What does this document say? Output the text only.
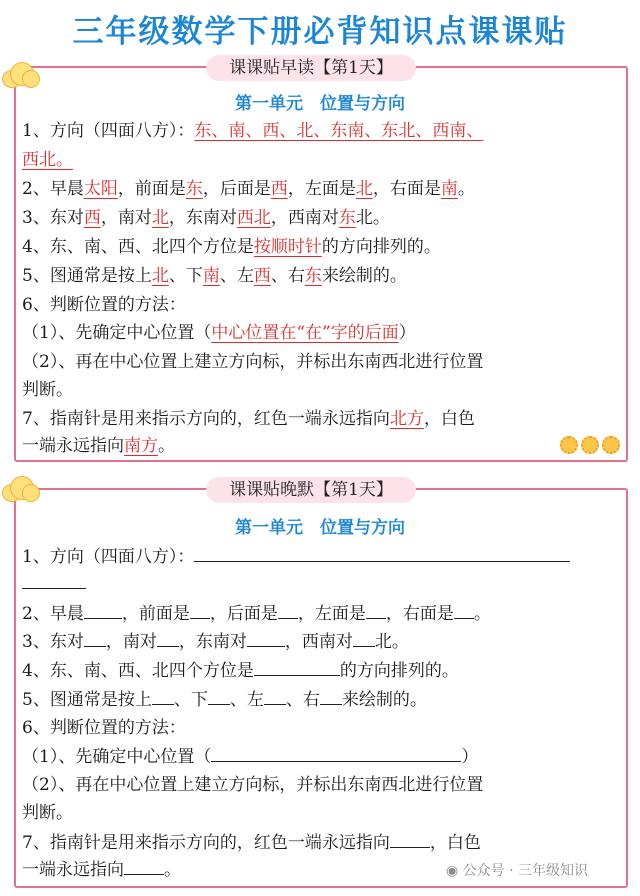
三年级数学下册必背知识点课课贴
课课贴早读【第1天】
第一单元　位置与方向
1、方向（四面八方）：东、南、西、北、东南、东北、西南、
西北。
2、早晨太阳，前面是东，后面是西，左面是北，右面是南。
3、东对西，南对北，东南对西北，西南对东北。
4、东、南、西、北四个方位是按顺时针的方向排列的。
5、图通常是按上北、下南、左西、右东来绘制的。
6、判断位置的方法：
（1）、先确定中心位置（中心位置在“在”字的后面）
（2）、再在中心位置上建立方向标，并标出东南西北进行位置
判断。
7、指南针是用来指示方向的，红色一端永远指向北方，白色
一端永远指向南方。
课课贴晚默【第1天】
第一单元　位置与方向
1、方向（四面八方）：
2、早晨 ，前面是 ，后面是 ，左面是 ，右面是 。
3、东对 ，南对 ，东南对 ，西南对 北。
4、东、南、西、北四个方位是	的方向排列的。
5、图通常是按上 、下 、左 、右 来绘制的。
6、判断位置的方法：
（1）、先确定中心位置（	）
（2）、再在中心位置上建立方向标，并标出东南西北进行位置
判断。
7、指南针是用来指示方向的，红色一端永远指向 ，白色
一端永远指向 。	◉ 公众号 · 三年级知识
